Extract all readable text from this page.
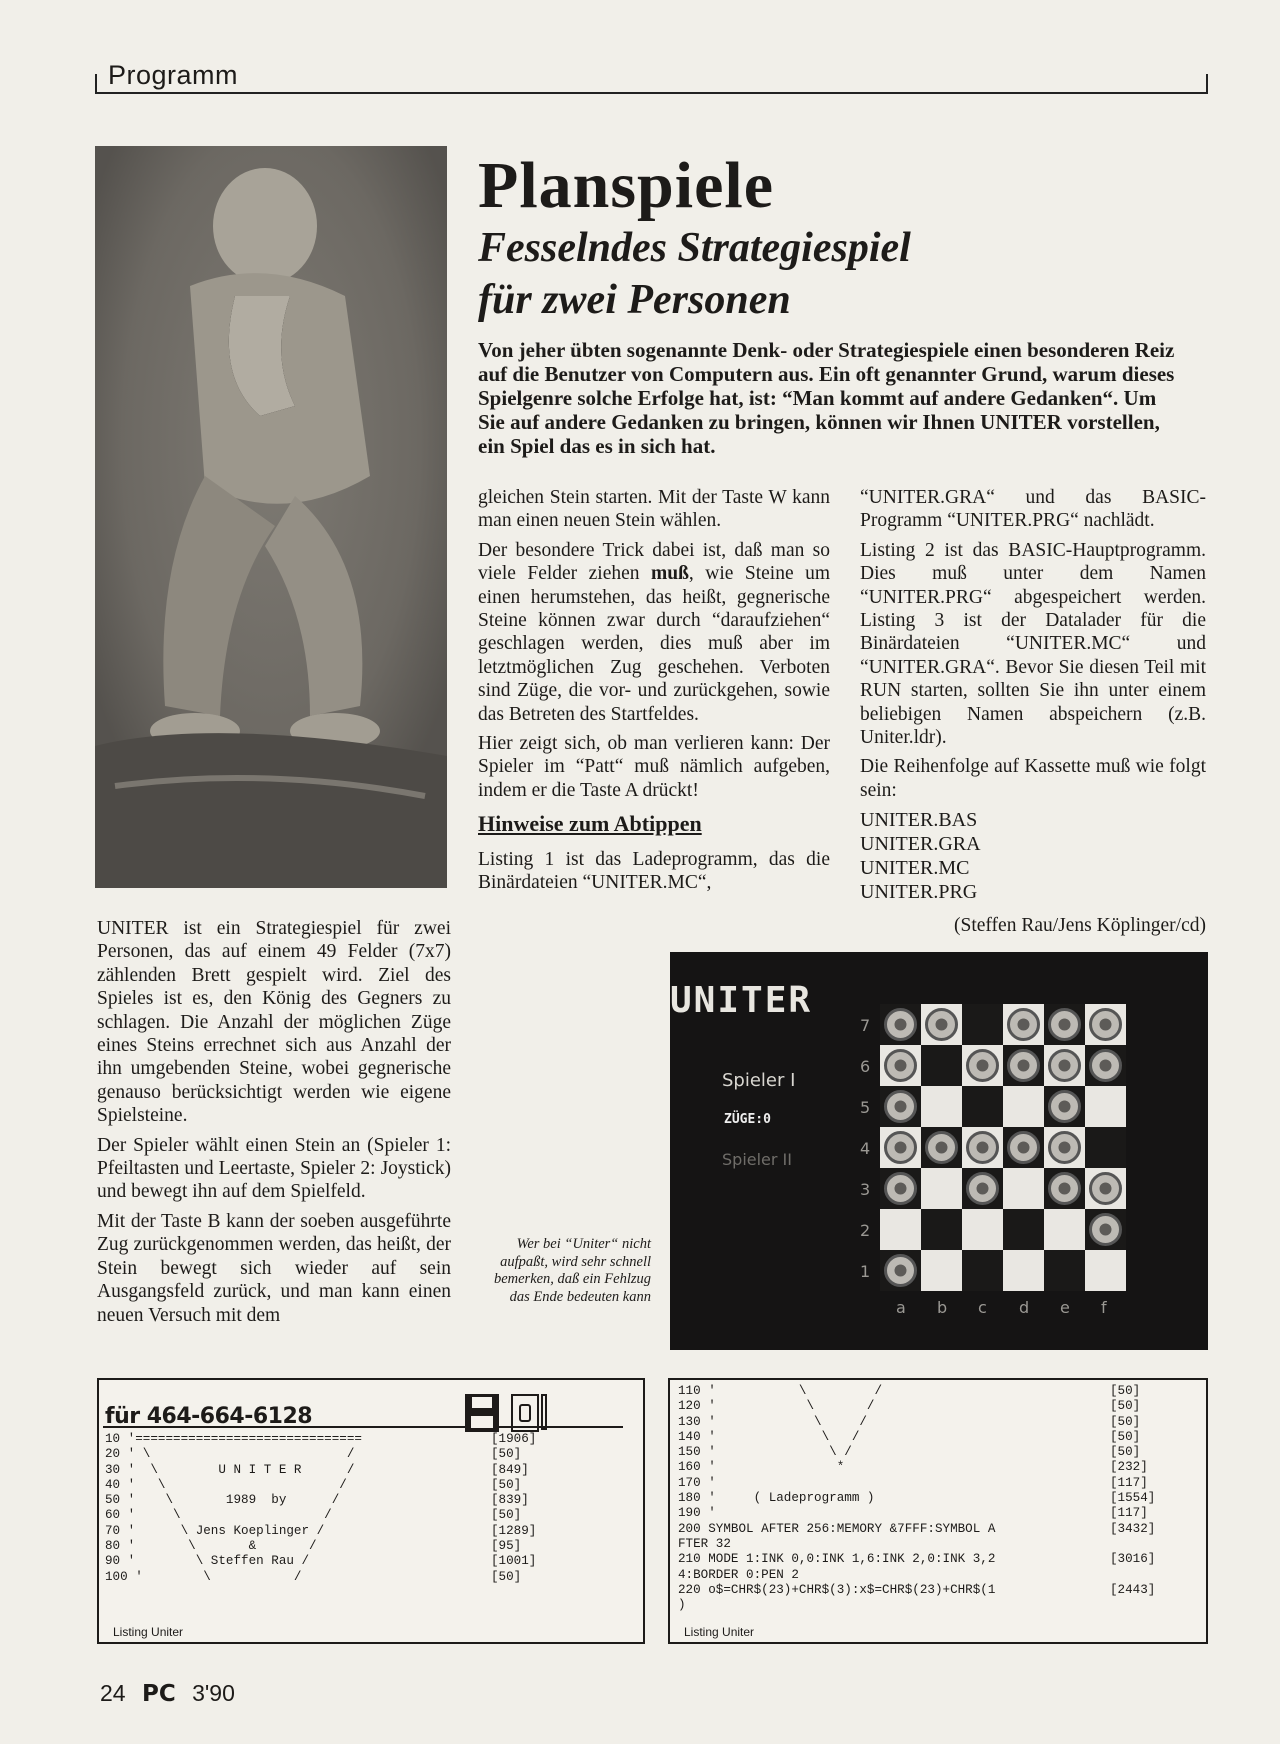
Programm
Planspiele
Fesselndes Strategiespiel
für zwei Personen
Von jeher übten sogenannte Denk- oder Strategiespiele einen besonderen Reiz auf die Benutzer von Computern aus. Ein oft genannter Grund, warum dieses Spielgenre solche Erfolge hat, ist: “Man kommt auf andere Gedanken“. Um Sie auf andere Gedanken zu bringen, können wir Ihnen UNITER vorstellen, ein Spiel das es in sich hat.

UNITER ist ein Strategiespiel für zwei Personen, das auf einem 49 Felder (7x7) zählenden Brett gespielt wird. Ziel des Spieles ist es, den König des Gegners zu schlagen. Die Anzahl der möglichen Züge eines Steins errechnet sich aus Anzahl der ihn umgebenden Steine, wobei gegnerische genauso berücksichtigt werden wie eigene Spielsteine.

Der Spieler wählt einen Stein an (Spieler 1: Pfeiltasten und Leertaste, Spieler 2: Joystick) und bewegt ihn auf dem Spielfeld.

Mit der Taste B kann der soeben ausgeführte Zug zurückgenommen werden, das heißt, der Stein bewegt sich wieder auf sein Ausgangsfeld zurück, und man kann einen neuen Versuch mit dem

gleichen Stein starten. Mit der Taste W kann man einen neuen Stein wählen.

Der besondere Trick dabei ist, daß man so viele Felder ziehen muß, wie Steine um einen herumstehen, das heißt, gegnerische Steine können zwar durch “daraufziehen“ geschlagen werden, dies muß aber im letztmöglichen Zug geschehen. Verboten sind Züge, die vor- und zurückgehen, sowie das Betreten des Startfeldes.

Hier zeigt sich, ob man verlieren kann: Der Spieler im “Patt“ muß nämlich aufgeben, indem er die Taste A drückt!

Hinweise zum Abtippen

Listing 1 ist das Ladeprogramm, das die Binärdateien “UNITER.MC“,

“UNITER.GRA“ und das BASIC-Programm “UNITER.PRG“ nachlädt.

Listing 2 ist das BASIC-Hauptprogramm. Dies muß unter dem Namen “UNITER.PRG“ abgespeichert werden. Listing 3 ist der Datalader für die Binärdateien “UNITER.MC“ und “UNITER.GRA“. Bevor Sie diesen Teil mit RUN starten, sollten Sie ihn unter einem beliebigen Namen abspeichern (z.B. Uniter.ldr).

Die Reihenfolge auf Kassette muß wie folgt sein:

UNITER.BAS

UNITER.GRA

UNITER.MC

UNITER.PRG

(Steffen Rau/Jens Köplinger/cd)

UNITER
Spieler I
ZÜGE:0
Spieler II
7
6
5
4
3
2
1
a b c d e f
Wer bei “Uniter“ nicht aufpaßt, wird sehr schnell bemerken, daß ein Fehlzug das Ende bedeuten kann
für 464-664-6128
10 '==============================
20 ' \                          /
30 '  \        U N I T E R      /
40 '   \                       /
50 '    \       1989  by      /
60 '     \                   /
70 '      \ Jens Koeplinger /
80 '       \       &       /
90 '        \ Steffen Rau /
100 '        \           /
[1906]
[50]
[849]
[50]
[839]
[50]
[1289]
[95]
[1001]
[50]
Listing Uniter
110 '           \         /
120 '            \       /
130 '             \     /
140 '              \   /
150 '               \ /
160 '                *
170 '
180 '     ( Ladeprogramm )
190 '
200 SYMBOL AFTER 256:MEMORY &7FFF:SYMBOL A
FTER 32
210 MODE 1:INK 0,0:INK 1,6:INK 2,0:INK 3,2
4:BORDER 0:PEN 2
220 o$=CHR$(23)+CHR$(3):x$=CHR$(23)+CHR$(1
)
[50]
[50]
[50]
[50]
[50]
[232]
[117]
[1554]
[117]
[3432]

[3016]

[2443]

Listing Uniter
24 PC 3'90
